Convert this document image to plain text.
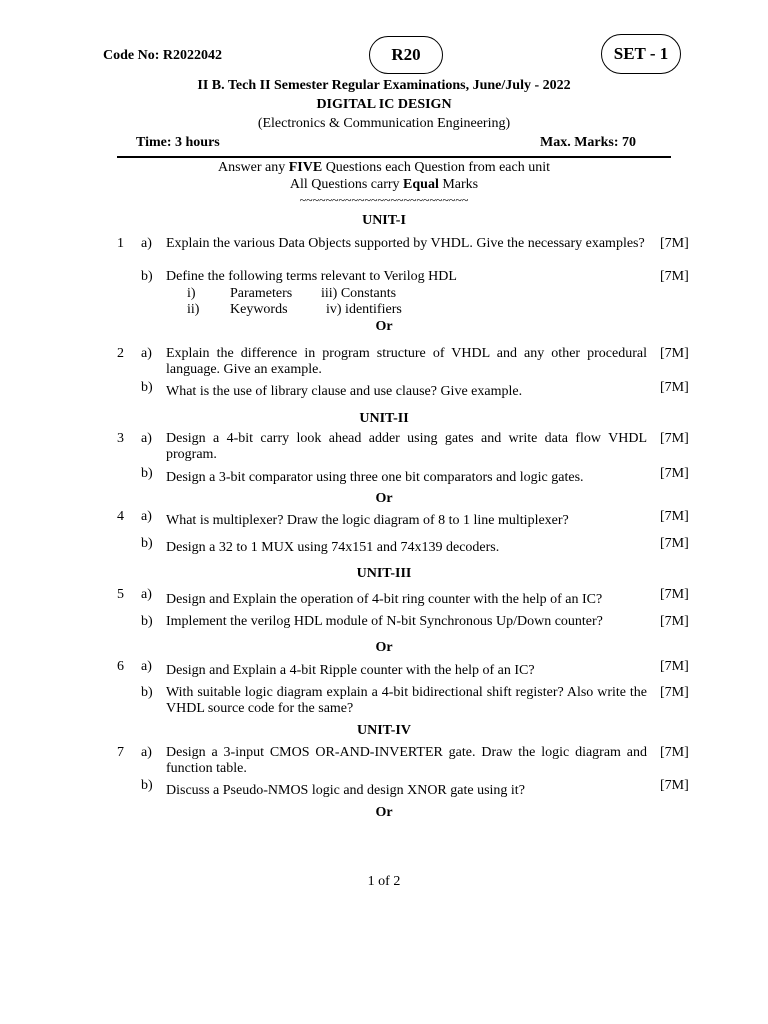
Code No: R2022042	R20	SET - 1
II B. Tech II Semester Regular Examinations, June/July - 2022
DIGITAL IC DESIGN
(Electronics & Communication Engineering)
Time: 3 hours	Max. Marks: 70
Answer any FIVE Questions each Question from each unit
All Questions carry Equal Marks
~~~~~~~~~~~~~~~~~~~~~~~~~~
UNIT-I
1 a)	Explain the various Data Objects supported by VHDL. Give the necessary examples? [7M]
b) Define the following terms relevant to Verilog HDL	[7M]
i) Parameters iii) Constants
ii) Keywords	iv) identifiers
Or
2 a)	Explain the difference in program structure of VHDL and any other procedural language. Give an example.
[7M]
b) What is the use of library clause and use clause? Give example.	[7M]
UNIT-II
3 a)	Design a 4-bit carry look ahead adder using gates and write data flow VHDL program.
[7M]
b) Design a 3-bit comparator using three one bit comparators and logic gates.	[7M]
Or
4 a)	What is multiplexer? Draw the logic diagram of 8 to 1 line multiplexer?	[7M]
b) Design a 32 to 1 MUX using 74x151 and 74x139 decoders.	[7M]
UNIT-III
5 a)	Design and Explain the operation of 4-bit ring counter with the help of an IC?	[7M]
b) Implement the verilog HDL module of N-bit Synchronous Up/Down counter?	[7M]
Or
6 a)	Design and Explain a 4-bit Ripple counter with the help of an IC?	[7M]
b) With suitable logic diagram explain a 4-bit bidirectional shift register? Also write the VHDL source code for the same?
[7M]
UNIT-IV
7 a)	Design a 3-input CMOS OR-AND-INVERTER gate. Draw the logic diagram and function table.
[7M]
b) Discuss a Pseudo-NMOS logic and design XNOR gate using it?	[7M]
Or
1 of 2
